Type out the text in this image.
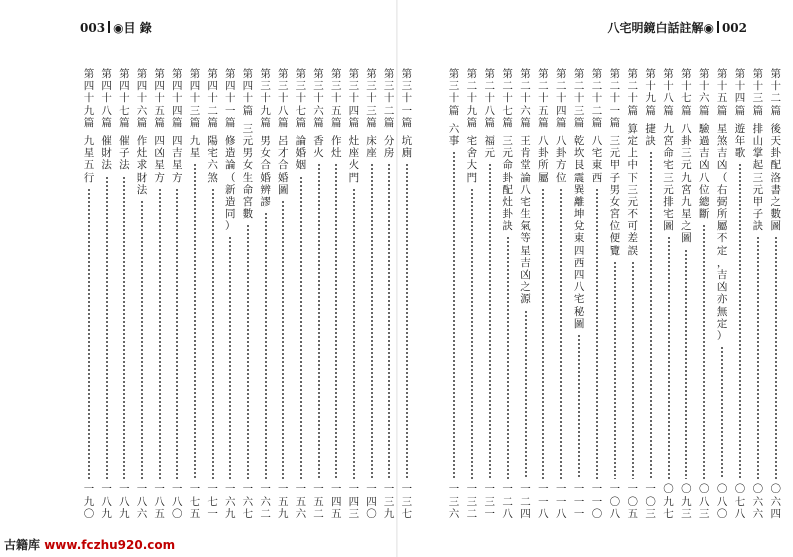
003 ◉目 錄	八宅明鏡白話註解◉ 002
第
十
二
篇
後
天
卦
配
洛
書
之
數
圖
〇
六
四
第
十
三
篇
排
山
掌
起
三
元
甲
子
訣
〇
六
六
第
十
四
篇
遊
年
歌
〇
七
八
第
十
五
篇
星
煞
吉
凶
（
右
弼
所
屬
不
定
，
吉
凶
亦
無
定
）
〇
八
〇
第
十
六
篇
驗
過
吉
凶
八
位
總
斷
〇
八
三
第
十
七
篇
八
卦
三
元
九
宮
九
星
之
圖
〇
九
三
第
十
八
篇
九
宮
命
宅
三
元
排
宅
圖
〇
九
七
第
十
九
篇
捷
訣
一
〇
三
第
二
十
篇
算
定
上
中
下
三
元
不
可
差
誤
一
〇
五
第
二
十
一
篇
三
元
甲
子
男
女
宮
位
便
覽
一
〇
八
第
二
十
二
篇
八
宅
東
西
一
一
〇
第
二
十
三
篇
乾
坎
艮
震
巽
離
坤
兌
東
四
西
四
八
宅
秘
圖
一
一
一
第
二
十
四
篇
八
卦
方
位
一
一
八
第
二
十
五
篇
八
卦
所
屬
一
一
八
第
二
十
六
篇
王
肯
堂
論
八
宅
生
氣
等
星
吉
凶
之
源
一
二
四
第
二
十
七
篇
三
元
命
卦
配
灶
卦
訣
一
二
八
第
二
十
八
篇
福
元
一
三
一
第
二
十
九
篇
宅
舍
大
門
一
三
二
第
三
十
篇
六
事
一
三
六
第
三
十
一
篇
坑
廁
一
三
七
第
三
十
二
篇
分
房
一
三
九
第
三
十
三
篇
床
座
一
四
〇
第
三
十
四
篇
灶
座
火
門
一
四
三
第
三
十
五
篇
作
灶
一
四
五
第
三
十
六
篇
香
火
一
五
二
第
三
十
七
篇
論
婚
姻
一
五
六
第
三
十
八
篇
呂
才
合
婚
圖
一
五
九
第
三
十
九
篇
男
女
合
婚
辨
謬
一
六
二
第
四
十
篇
三
元
男
女
生
命
宮
數
一
六
七
第
四
十
一
篇
修
造
論
（
新
造
同
）
一
六
九
第
四
十
二
篇
陽
宅
六
煞
一
七
一
第
四
十
三
篇
九
星
一
七
五
第
四
十
四
篇
四
吉
星
方
一
八
〇
第
四
十
五
篇
四
凶
星
方
一
八
五
第
四
十
六
篇
作
灶
求
財
法
一
八
六
第
四
十
七
篇
催
子
法
一
八
九
第
四
十
八
篇
催
財
法
一
八
九
第
四
十
九
篇
九
星
五
行
一
九
〇
古籍库 www.fczhu920.com
